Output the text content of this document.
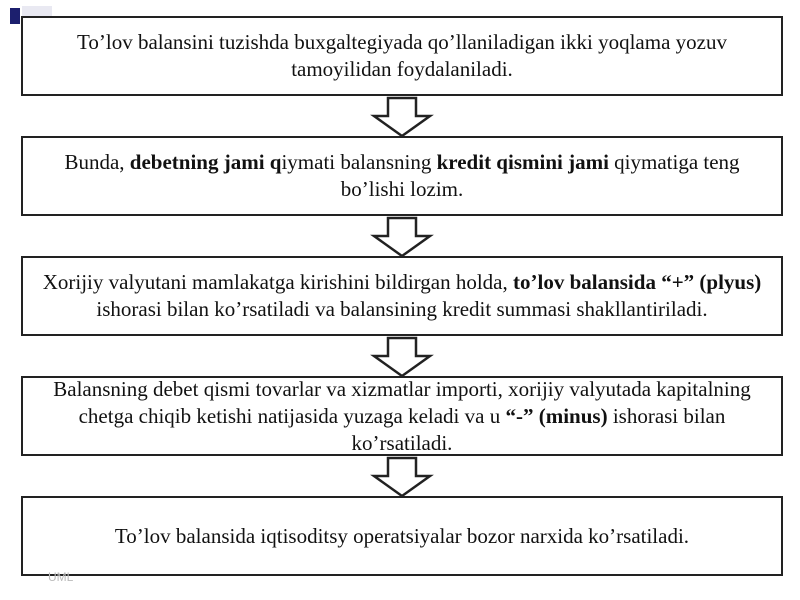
To’lov balansini tuzishda buxgaltegiyada qo’llaniladigan ikki yoqlama yozuv tamoyilidan foydalaniladi.

Bunda, debetning jami qiymati balansning kredit qismini jami qiymatiga teng bo’lishi lozim.

Xorijiy valyutani mamlakatga kirishini bildirgan holda, to’lov balansida “+” (plyus) ishorasi bilan ko’rsatiladi va balansining kredit summasi shakllantiriladi.

Balansning debet qismi tovarlar va xizmatlar importi, xorijiy valyutada kapitalning chetga chiqib ketishi natijasida yuzaga keladi va u “-” (minus) ishorasi bilan ko’rsatiladi.

To’lov balansida iqtisoditsy operatsiyalar bozor narxida ko’rsatiladi.

UML
